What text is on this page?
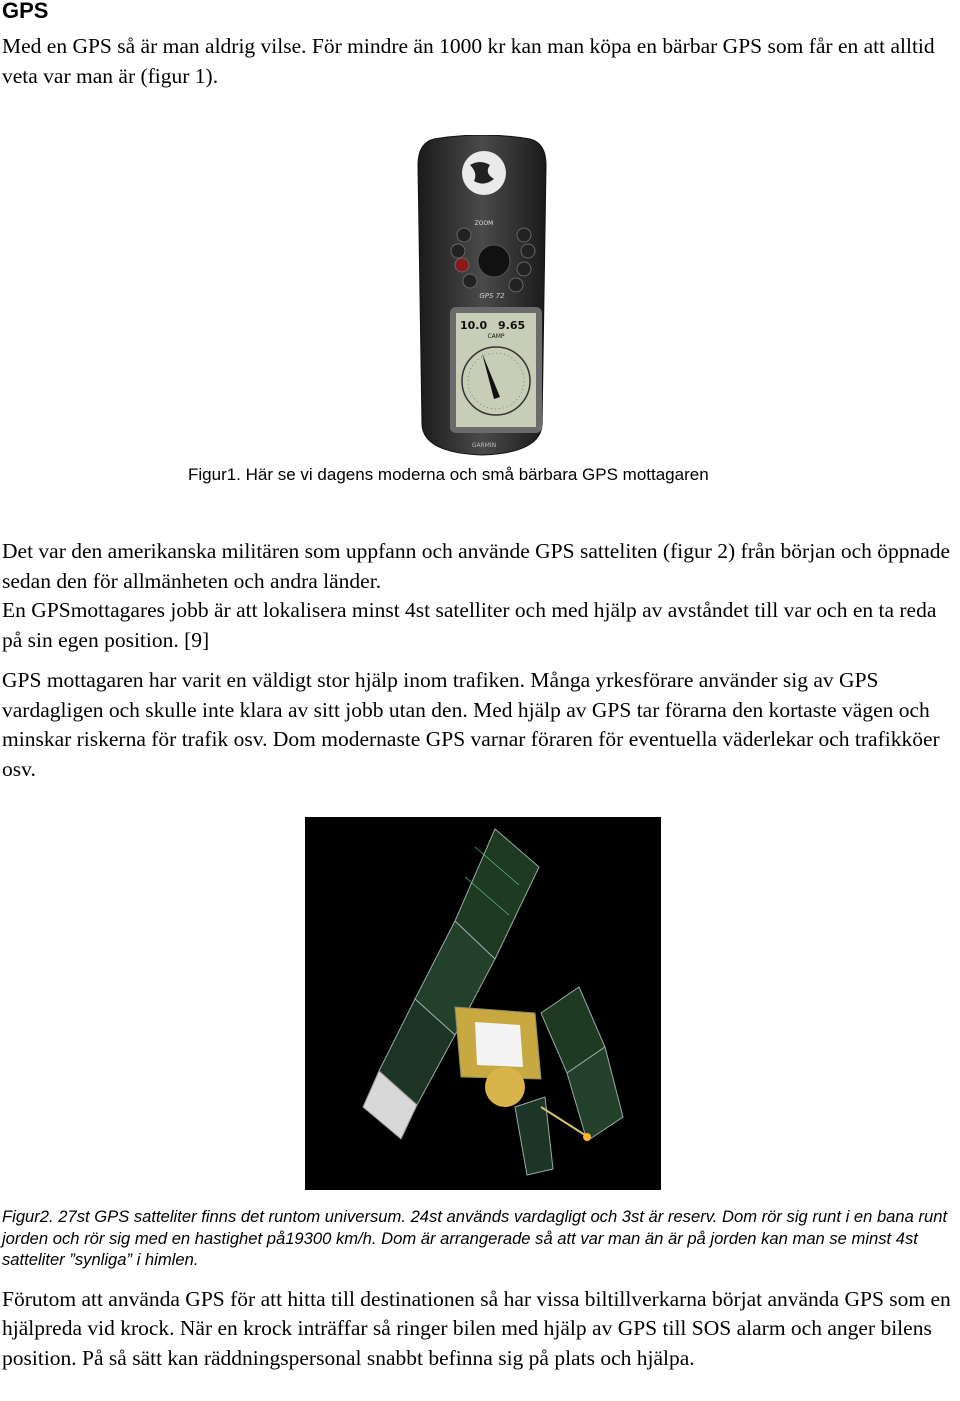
GPS

Med en GPS så är man aldrig vilse. För mindre än 1000 kr kan man köpa en bärbar GPS som får en att alltid veta var man är (figur 1).

ZOOM
GPS 72
10.0 9.65
CAMP
GARMIN
Figur1. Här se vi dagens moderna och små bärbara GPS mottagaren

Det var den amerikanska militären som uppfann och använde GPS satteliten (figur 2) från början och öppnade sedan den för allmänheten och andra länder.

En GPSmottagares jobb är att lokalisera minst 4st satelliter och med hjälp av avståndet till var och en ta reda på sin egen position. [9]

GPS mottagaren har varit en väldigt stor hjälp inom trafiken. Många yrkesförare använder sig av GPS vardagligen och skulle inte klara av sitt jobb utan den. Med hjälp av GPS tar förarna den kortaste vägen och minskar riskerna för trafik osv. Dom modernaste GPS varnar föraren för eventuella väderlekar och trafikköer osv.

Figur2. 27st GPS satteliter finns det runtom universum. 24st används vardagligt och 3st är reserv. Dom rör sig runt i en bana runt jorden och rör sig med en hastighet på19300 km/h. Dom är arrangerade så att var man än är på jorden kan man se minst 4st satteliter ”synliga” i himlen.

Förutom att använda GPS för att hitta till destinationen så har vissa biltillverkarna börjat använda GPS som en hjälpreda vid krock. När en krock inträffar så ringer bilen med hjälp av GPS till SOS alarm och anger bilens position. På så sätt kan räddningspersonal snabbt befinna sig på plats och hjälpa.
